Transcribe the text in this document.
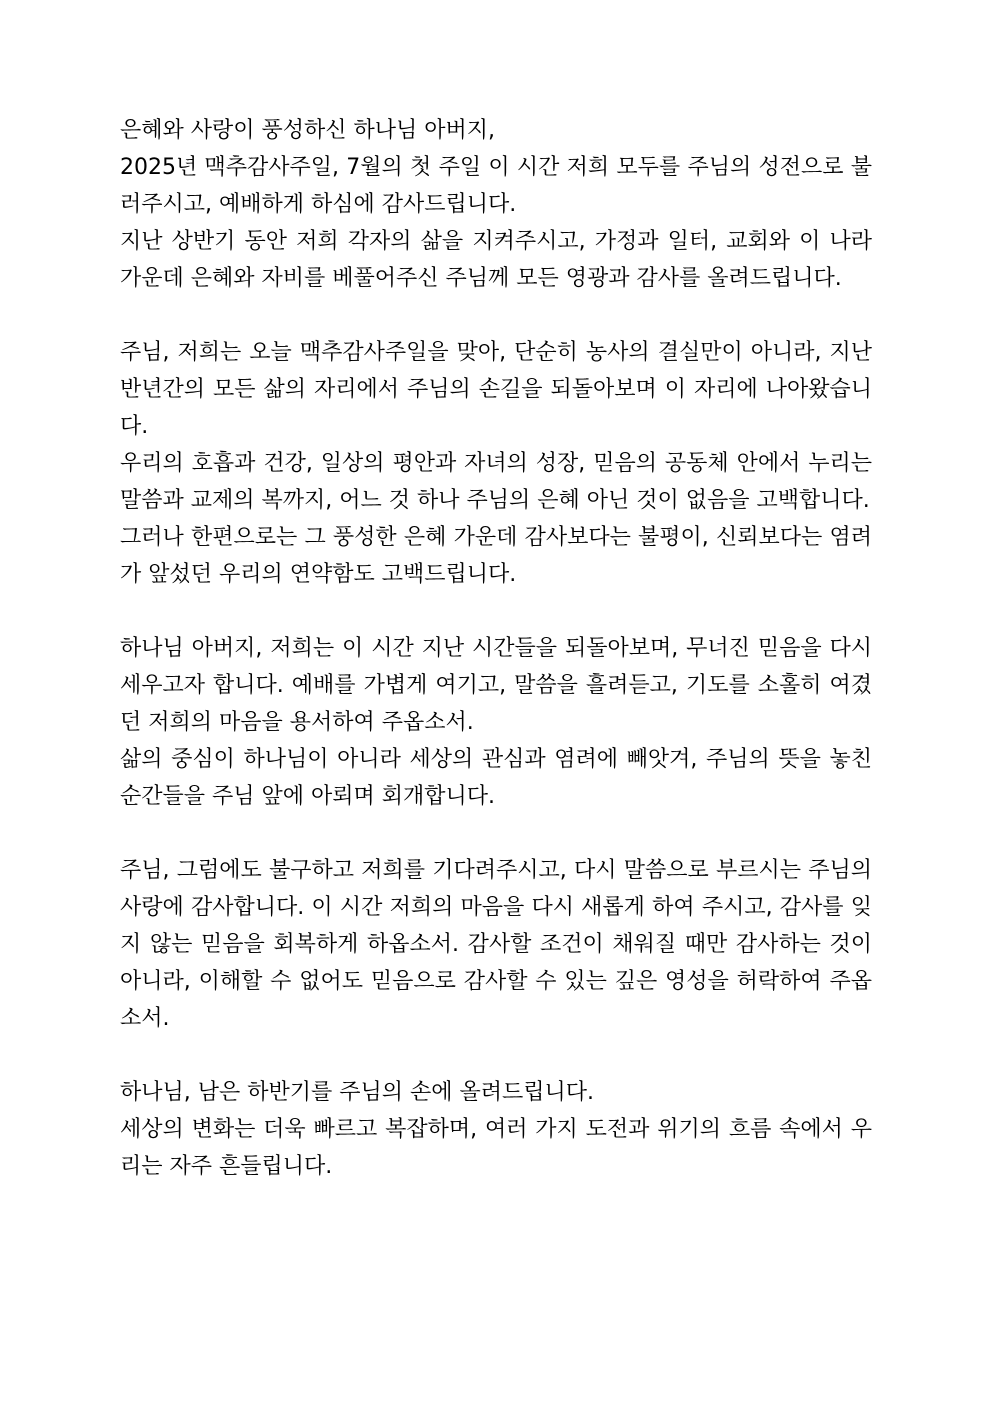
은혜와 사랑이 풍성하신 하나님 아버지,

2025년 맥추감사주일, 7월의 첫 주일 이 시간 저희 모두를 주님의 성전으로 불러주시고, 예배하게 하심에 감사드립니다.

지난 상반기 동안 저희 각자의 삶을 지켜주시고, 가정과 일터, 교회와 이 나라 가운데 은혜와 자비를 베풀어주신 주님께 모든 영광과 감사를 올려드립니다.

주님, 저희는 오늘 맥추감사주일을 맞아, 단순히 농사의 결실만이 아니라, 지난 반년간의 모든 삶의 자리에서 주님의 손길을 되돌아보며 이 자리에 나아왔습니다.

우리의 호흡과 건강, 일상의 평안과 자녀의 성장, 믿음의 공동체 안에서 누리는 말씀과 교제의 복까지, 어느 것 하나 주님의 은혜 아닌 것이 없음을 고백합니다.

그러나 한편으로는 그 풍성한 은혜 가운데 감사보다는 불평이, 신뢰보다는 염려가 앞섰던 우리의 연약함도 고백드립니다.

하나님 아버지, 저희는 이 시간 지난 시간들을 되돌아보며, 무너진 믿음을 다시 세우고자 합니다. 예배를 가볍게 여기고, 말씀을 흘려듣고, 기도를 소홀히 여겼던 저희의 마음을 용서하여 주옵소서.

삶의 중심이 하나님이 아니라 세상의 관심과 염려에 빼앗겨, 주님의 뜻을 놓친 순간들을 주님 앞에 아뢰며 회개합니다.

주님, 그럼에도 불구하고 저희를 기다려주시고, 다시 말씀으로 부르시는 주님의 사랑에 감사합니다. 이 시간 저희의 마음을 다시 새롭게 하여 주시고, 감사를 잊지 않는 믿음을 회복하게 하옵소서. 감사할 조건이 채워질 때만 감사하는 것이 아니라, 이해할 수 없어도 믿음으로 감사할 수 있는 깊은 영성을 허락하여 주옵소서.

하나님, 남은 하반기를 주님의 손에 올려드립니다.

세상의 변화는 더욱 빠르고 복잡하며, 여러 가지 도전과 위기의 흐름 속에서 우리는 자주 흔들립니다.
